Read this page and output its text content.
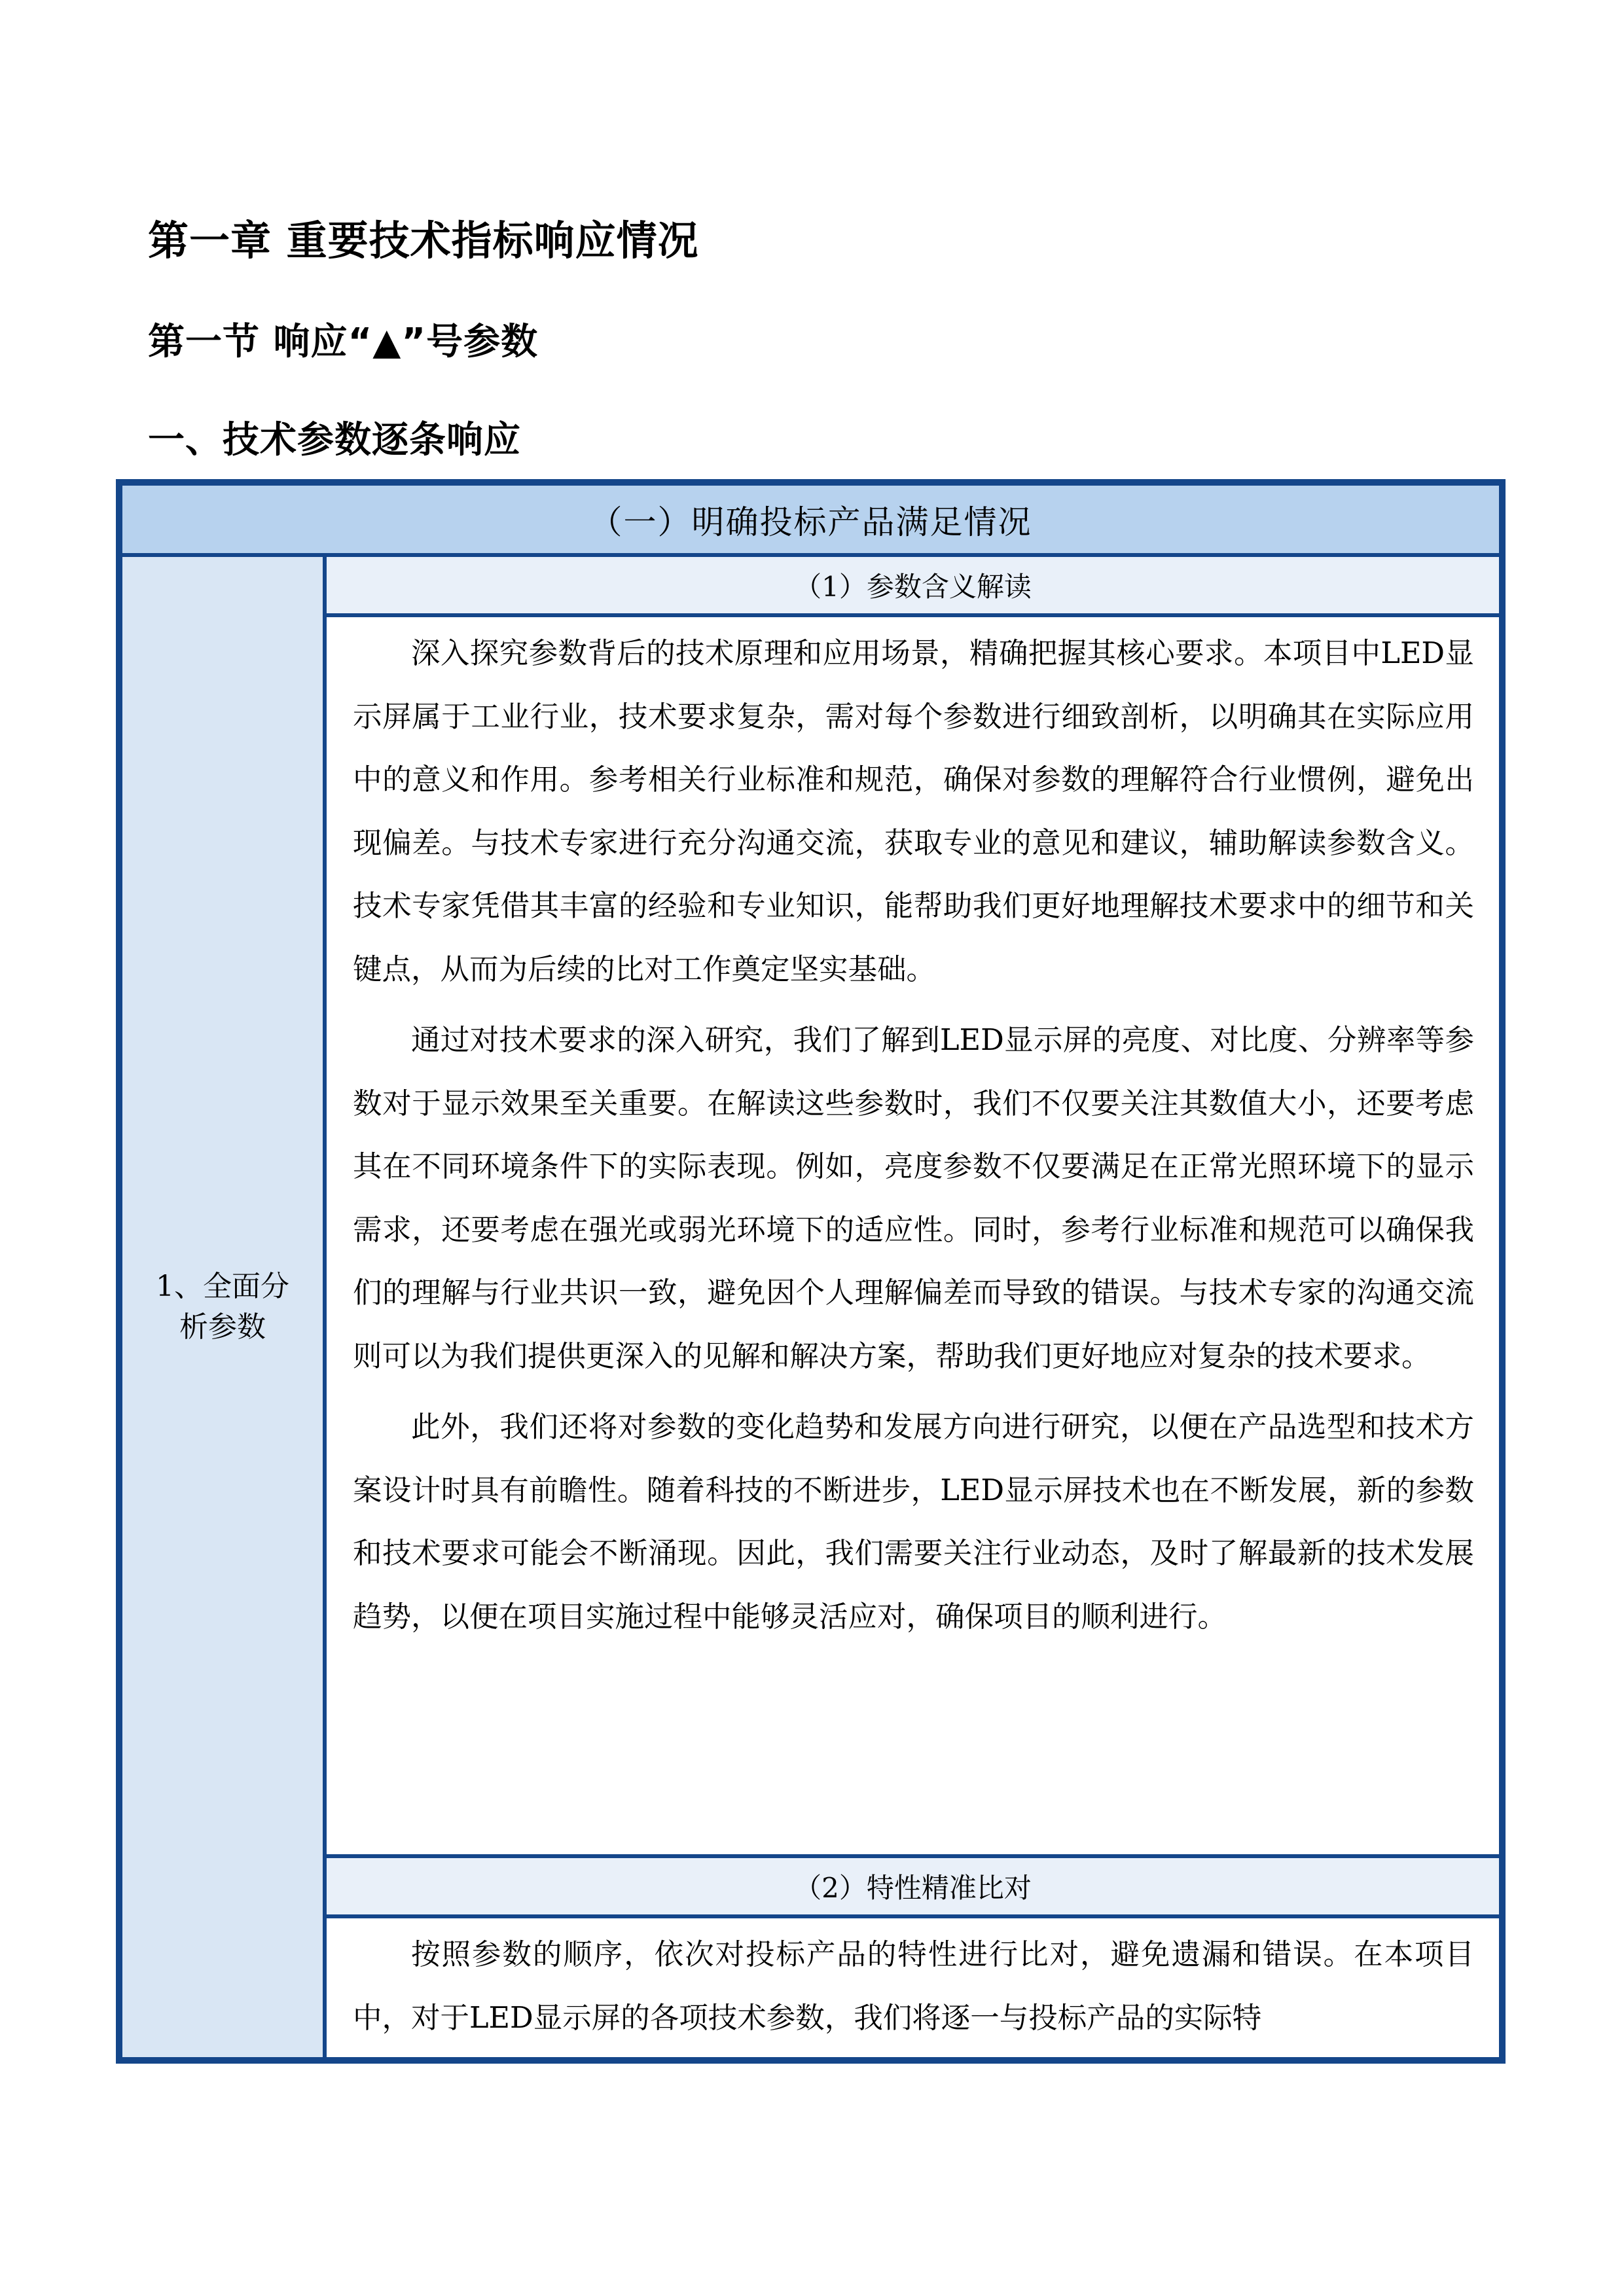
第一章 重要技术指标响应情况
第一节 响应“▲”号参数
一、技术参数逐条响应
（一）明确投标产品满足情况
1、全面分析参数
（1）参数含义解读

深入探究参数背后的技术原理和应用场景，精确把握其核心要求。本项目中LED显示屏属于工业行业，技术要求复杂，需对每个参数进行细致剖析，以明确其在实际应用中的意义和作用。参考相关行业标准和规范，确保对参数的理解符合行业惯例，避免出现偏差。与技术专家进行充分沟通交流，获取专业的意见和建议，辅助解读参数含义。技术专家凭借其丰富的经验和专业知识，能帮助我们更好地理解技术要求中的细节和关键点，从而为后续的比对工作奠定坚实基础。

通过对技术要求的深入研究，我们了解到LED显示屏的亮度、对比度、分辨率等参数对于显示效果至关重要。在解读这些参数时，我们不仅要关注其数值大小，还要考虑其在不同环境条件下的实际表现。例如，亮度参数不仅要满足在正常光照环境下的显示需求，还要考虑在强光或弱光环境下的适应性。同时，参考行业标准和规范可以确保我们的理解与行业共识一致，避免因个人理解偏差而导致的错误。与技术专家的沟通交流则可以为我们提供更深入的见解和解决方案，帮助我们更好地应对复杂的技术要求。

此外，我们还将对参数的变化趋势和发展方向进行研究，以便在产品选型和技术方案设计时具有前瞻性。随着科技的不断进步，LED显示屏技术也在不断发展，新的参数和技术要求可能会不断涌现。因此，我们需要关注行业动态，及时了解最新的技术发展趋势，以便在项目实施过程中能够灵活应对，确保项目的顺利进行。

（2）特性精准比对

按照参数的顺序，依次对投标产品的特性进行比对，避免遗漏和错误。在本项目中，对于LED显示屏的各项技术参数，我们将逐一与投标产品的实际特
